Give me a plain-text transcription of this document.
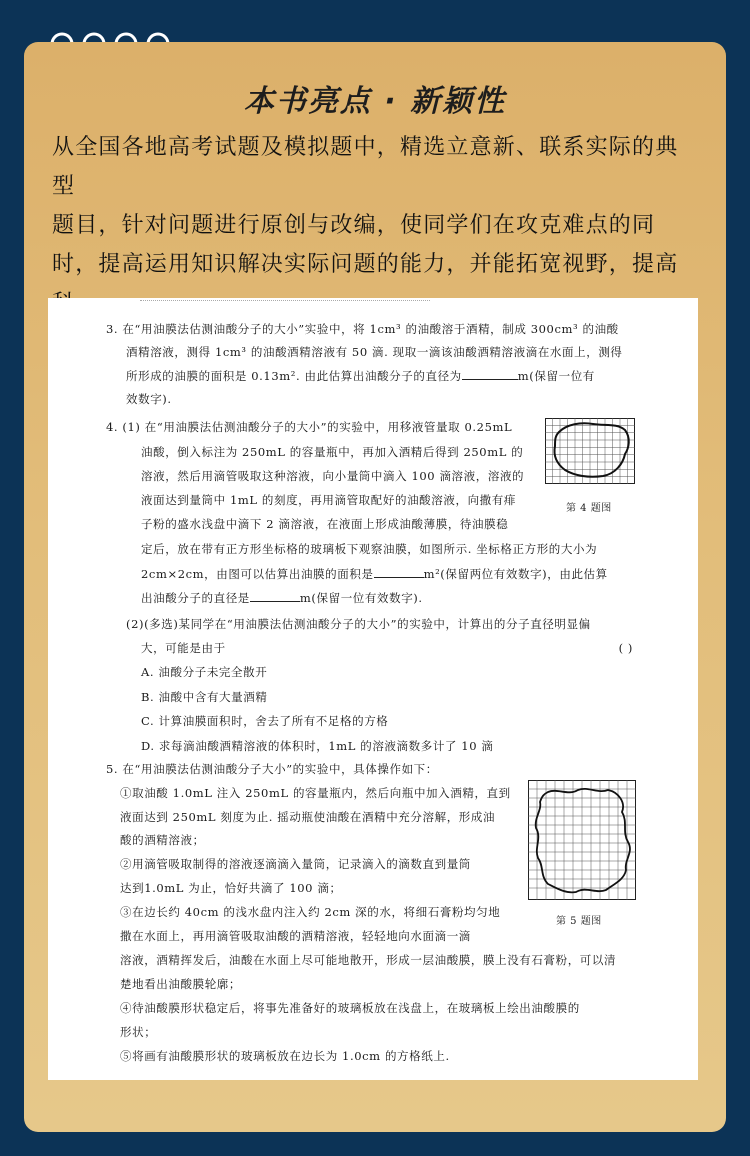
本书亮点 · 新颖性
从全国各地高考试题及模拟题中，精选立意新、联系实际的典型
题目，针对问题进行原创与改编，使同学们在攻克难点的同
时，提高运用知识解决实际问题的能力，并能拓宽视野，提高
3. 在“用油膜法估测油酸分子的大小”实验中，将 1cm³ 的油酸溶于酒精，制成 300cm³ 的油酸
酒精溶液，测得 1cm³ 的油酸酒精溶液有 50 滴. 现取一滴该油酸酒精溶液滴在水面上，测得
所形成的油膜的面积是 0.13m². 由此估算出油酸分子的直径为	m(保留一位有
效数字).
4. (1) 在“用油膜法估测油酸分子的大小”的实验中，用移液管量取 0.25mL
油酸，倒入标注为 250mL 的容量瓶中，再加入酒精后得到 250mL 的
溶液，然后用滴管吸取这种溶液，向小量筒中滴入 100 滴溶液，溶液的
液面达到量筒中 1mL 的刻度，再用滴管取配好的油酸溶液，向撒有痱
子粉的盛水浅盘中滴下 2 滴溶液，在液面上形成油酸薄膜，待油膜稳
定后，放在带有正方形坐标格的玻璃板下观察油膜，如图所示. 坐标格正方形的大小为
2cm×2cm，由图可以估算出油膜的面积是	m²(保留两位有效数字)，由此估算
出油酸分子的直径是	m(保留一位有效数字).
第 4 题图
(2)(多选)某同学在“用油膜法估测油酸分子的大小”的实验中，计算出的分子直径明显偏
大，可能是由于	( )
A. 油酸分子未完全散开
B. 油酸中含有大量酒精
C. 计算油膜面积时，舍去了所有不足格的方格
D. 求每滴油酸酒精溶液的体积时，1mL 的溶液滴数多计了 10 滴
5. 在“用油膜法估测油酸分子大小”的实验中，具体操作如下：
①取油酸 1.0mL 注入 250mL 的容量瓶内，然后向瓶中加入酒精，直到
液面达到 250mL 刻度为止. 摇动瓶使油酸在酒精中充分溶解，形成油
酸的酒精溶液；
②用滴管吸取制得的溶液逐滴滴入量筒，记录滴入的滴数直到量筒
达到1.0mL 为止，恰好共滴了 100 滴；
③在边长约 40cm 的浅水盘内注入约 2cm 深的水，将细石膏粉均匀地
撒在水面上，再用滴管吸取油酸的酒精溶液，轻轻地向水面滴一滴
溶液，酒精挥发后，油酸在水面上尽可能地散开，形成一层油酸膜，膜上没有石膏粉，可以清
楚地看出油酸膜轮廓；
④待油酸膜形状稳定后，将事先准备好的玻璃板放在浅盘上，在玻璃板上绘出油酸膜的
形状；
⑤将画有油酸膜形状的玻璃板放在边长为 1.0cm 的方格纸上.
第 5 题图
